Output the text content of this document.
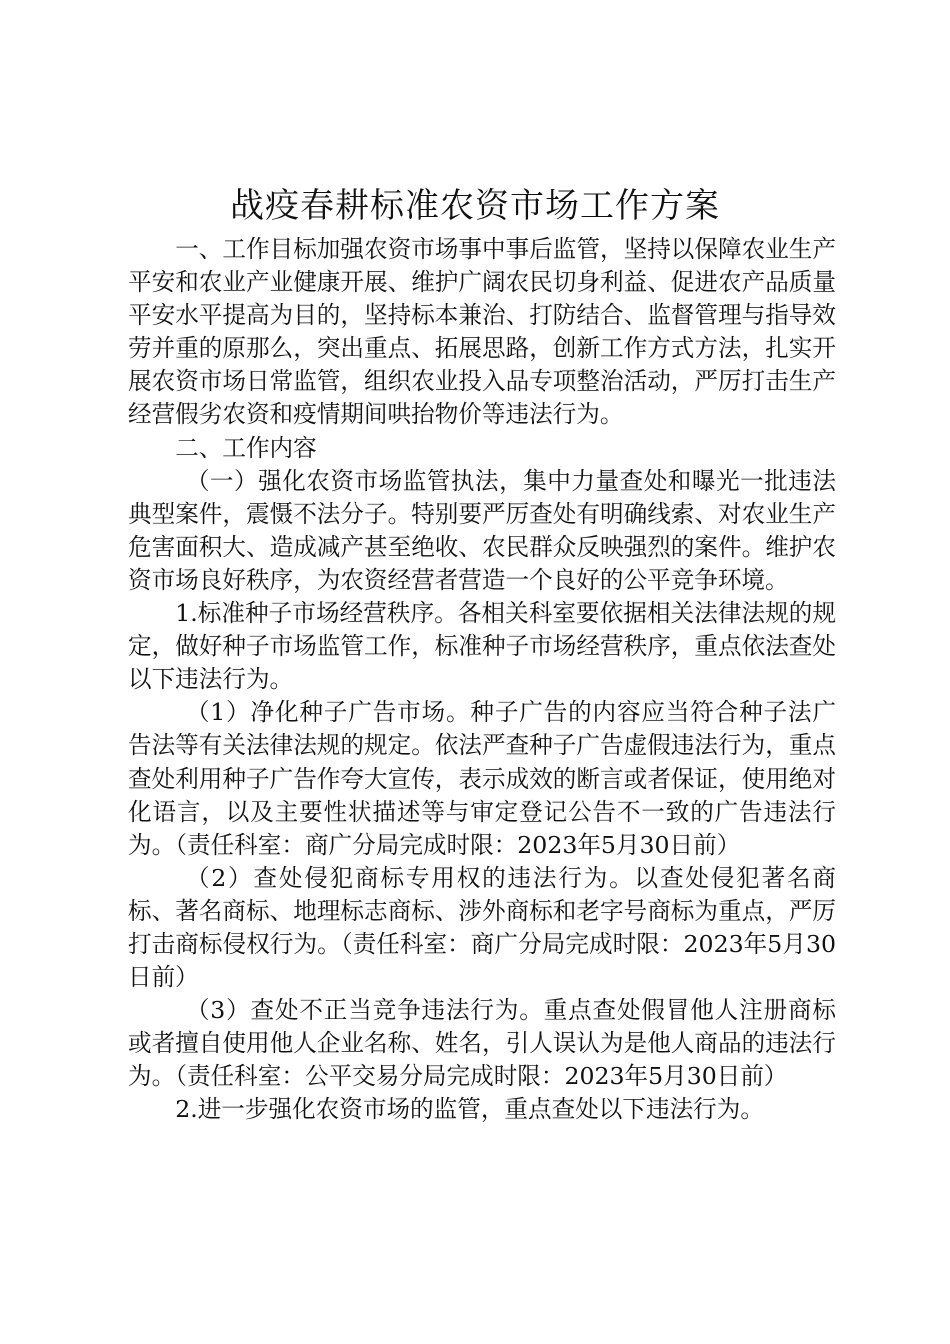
战疫春耕标准农资市场工作方案

一、工作目标加强农资市场事中事后监管，坚持以保障农业生产平安和农业产业健康开展、维护广阔农民切身利益、促进农产品质量平安水平提高为目的，坚持标本兼治、打防结合、监督管理与指导效劳并重的原那么，突出重点、拓展思路，创新工作方式方法，扎实开展农资市场日常监管，组织农业投入品专项整治活动，严厉打击生产经营假劣农资和疫情期间哄抬物价等违法行为。

二、工作内容

（一）强化农资市场监管执法，集中力量查处和曝光一批违法典型案件，震慑不法分子。特别要严厉查处有明确线索、对农业生产危害面积大、造成减产甚至绝收、农民群众反映强烈的案件。维护农资市场良好秩序，为农资经营者营造一个良好的公平竞争环境。

1.标准种子市场经营秩序。各相关科室要依据相关法律法规的规定，做好种子市场监管工作，标准种子市场经营秩序，重点依法查处以下违法行为。

（1）净化种子广告市场。种子广告的内容应当符合种子法广告法等有关法律法规的规定。依法严查种子广告虚假违法行为，重点查处利用种子广告作夸大宣传，表示成效的断言或者保证，使用绝对化语言，以及主要性状描述等与审定登记公告不一致的广告违法行为。（责任科室：商广分局完成时限：2023年5月30日前）

（2）查处侵犯商标专用权的违法行为。以查处侵犯著名商标、著名商标、地理标志商标、涉外商标和老字号商标为重点，严厉打击商标侵权行为。（责任科室：商广分局完成时限：2023年5月30日前）

（3）查处不正当竞争违法行为。重点查处假冒他人注册商标或者擅自使用他人企业名称、姓名，引人误认为是他人商品的违法行为。（责任科室：公平交易分局完成时限：2023年5月30日前）

2.进一步强化农资市场的监管，重点查处以下违法行为。
